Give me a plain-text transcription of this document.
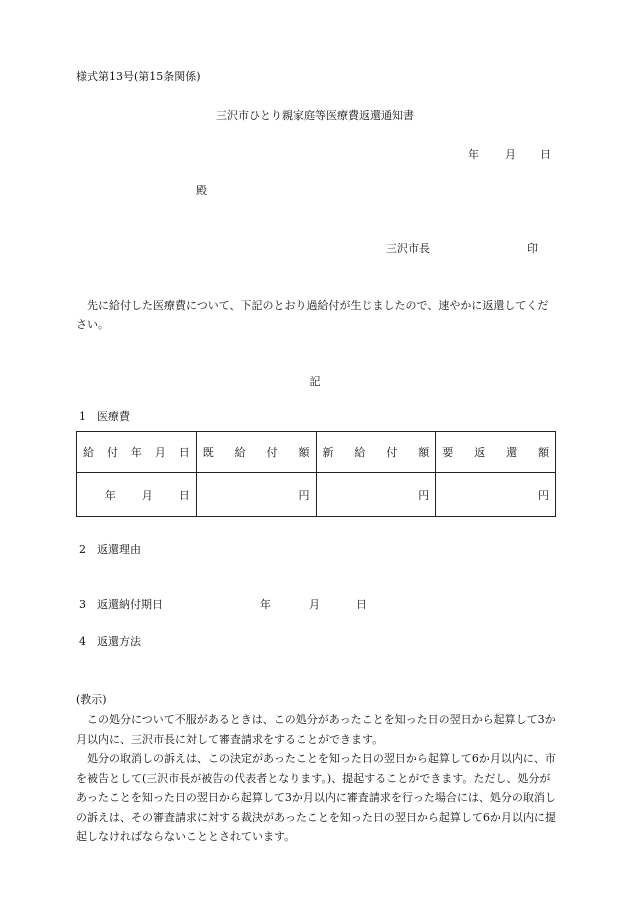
様式第13号(第15条関係)
三沢市ひとり親家庭等医療費返還通知書
年 月 日
殿
三沢市長	印
先に給付した医療費について、下記のとおり過給付が生じましたので、速やかに返還してください。
記
1　医療費
給 付 年 月 日	既 給 付 額	新 給 付 額	要 返 還 額

年 月 日	円	円	円
2　返還理由
3　返還納付期日	年	月	日
4　返還方法
(教示)

この処分について不服があるときは、この処分があったことを知った日の翌日から起算して3か月以内に、三沢市長に対して審査請求をすることができます。

処分の取消しの訴えは、この決定があったことを知った日の翌日から起算して6か月以内に、市を被告として(三沢市長が被告の代表者となります。)、提起することができます。ただし、処分があったことを知った日の翌日から起算して3か月以内に審査請求を行った場合には、処分の取消しの訴えは、その審査請求に対する裁決があったことを知った日の翌日から起算して6か月以内に提起しなければならないこととされています。
